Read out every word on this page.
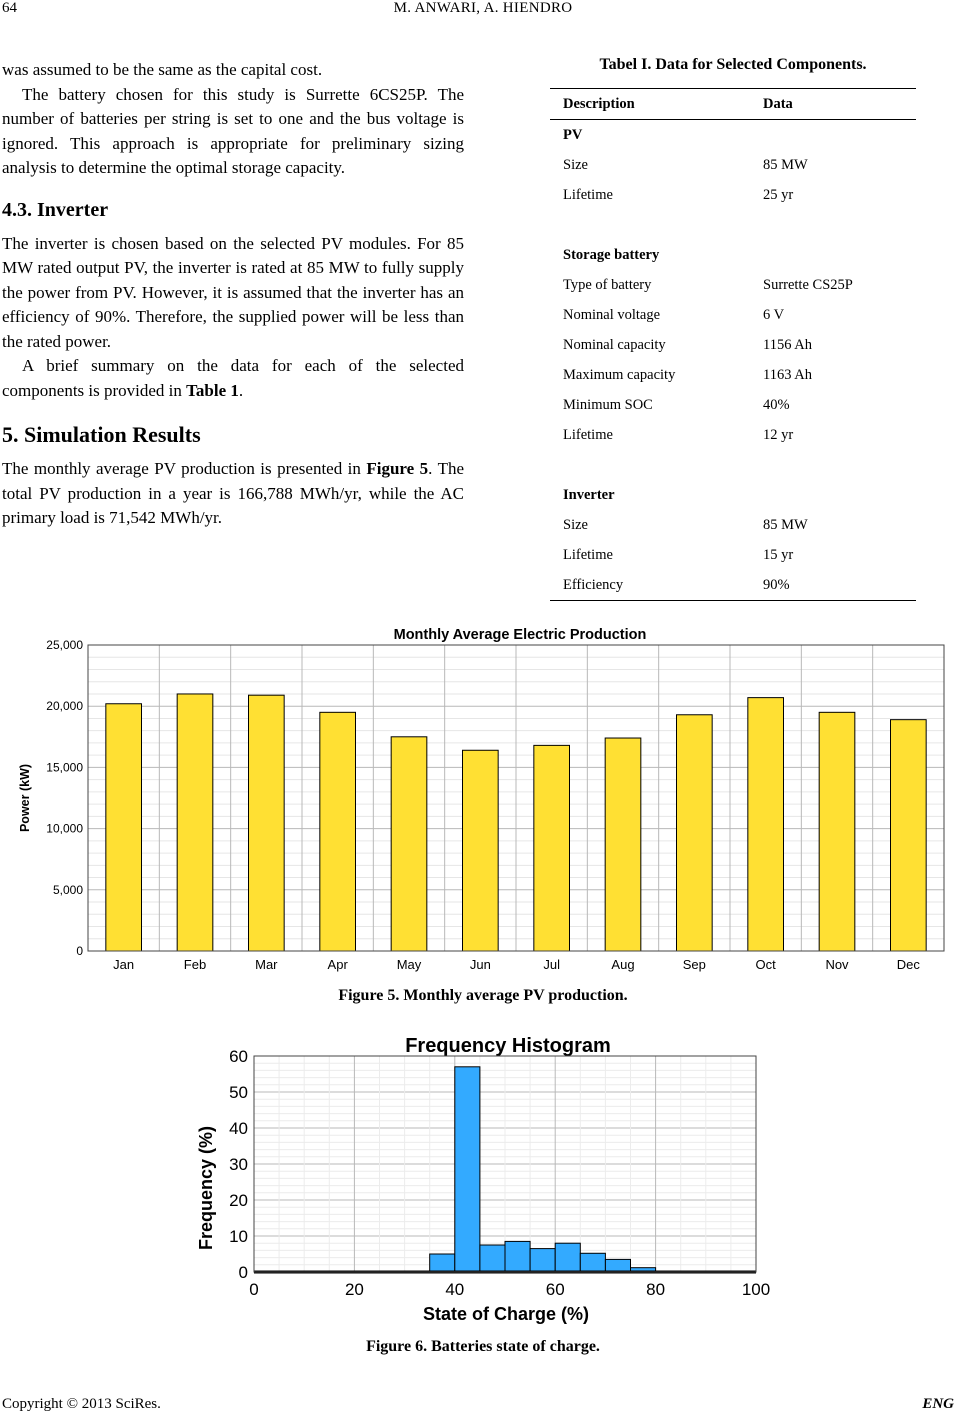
64	M. ANWARI, A. HIENDRO

was assumed to be the same as the capital cost.

The battery chosen for this study is Surrette 6CS25P. The number of batteries per string is set to one and the bus voltage is ignored. This approach is appropriate for preliminary sizing analysis to determine the optimal storage capacity.

4.3. Inverter

The inverter is chosen based on the selected PV modules. For 85 MW rated output PV, the inverter is rated at 85 MW to fully supply the power from PV. However, it is assumed that the inverter has an efficiency of 90%. Therefore, the supplied power will be less than the rated power.

A brief summary on the data for each of the selected components is provided in Table 1.

5. Simulation Results

The monthly average PV production is presented in Figure 5. The total PV production in a year is 166,788 MWh/yr, while the AC primary load is 71,542 MWh/yr.

Tabel I. Data for Selected Components.
Description	Data
PV	
Size	85 MW
Lifetime	25 yr

Storage battery	
Type of battery	Surrette CS25P
Nominal voltage	6 V
Nominal capacity	1156 Ah
Maximum capacity	1163 Ah
Minimum SOC	40%
Lifetime	12 yr

Inverter	
Size	85 MW
Lifetime	15 yr
Efficiency	90%
Monthly Average Electric Production
Power (kW)
0
5,000
10,000
15,000
20,000
25,000
Jan	Feb	Mar	Apr	May	Jun	Jul	Aug	Sep	Oct	Nov	Dec
Figure 5. Monthly average PV production.
Frequency Histogram
Frequency (%)
State of Charge (%)
0
10
20
30
40
50
60
0	20	40	60	80	100
Figure 6. Batteries state of charge.
Copyright © 2013 SciRes.	ENG
